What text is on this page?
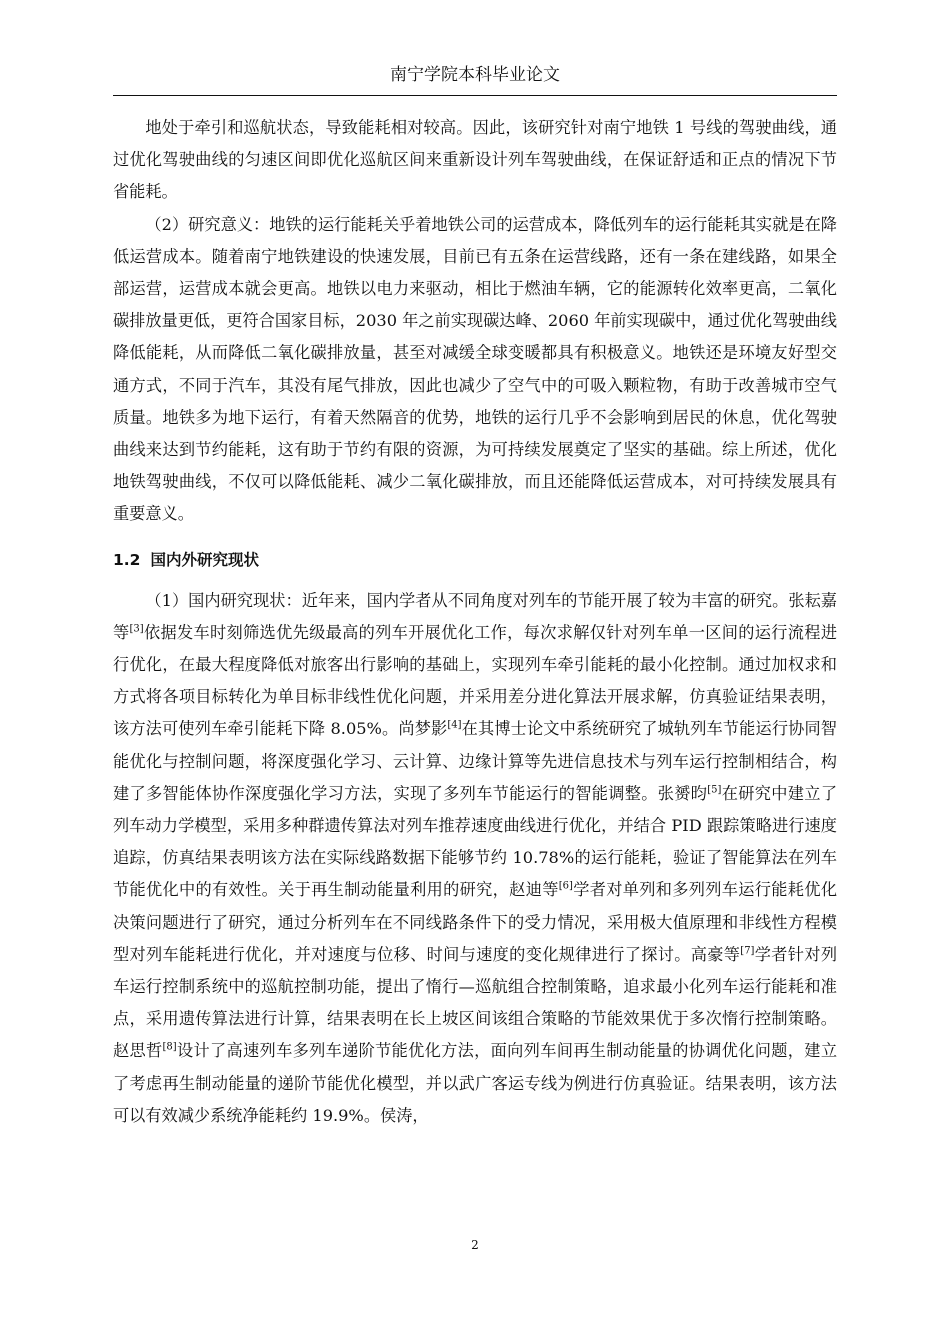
南宁学院本科毕业论文

地处于牵引和巡航状态，导致能耗相对较高。因此，该研究针对南宁地铁 1 号线的驾驶曲线，通过优化驾驶曲线的匀速区间即优化巡航区间来重新设计列车驾驶曲线，在保证舒适和正点的情况下节省能耗。

（2）研究意义：地铁的运行能耗关乎着地铁公司的运营成本，降低列车的运行能耗其实就是在降低运营成本。随着南宁地铁建设的快速发展，目前已有五条在运营线路，还有一条在建线路，如果全部运营，运营成本就会更高。地铁以电力来驱动，相比于燃油车辆，它的能源转化效率更高，二氧化碳排放量更低，更符合国家目标，2030 年之前实现碳达峰、2060 年前实现碳中，通过优化驾驶曲线降低能耗，从而降低二氧化碳排放量，甚至对减缓全球变暖都具有积极意义。地铁还是环境友好型交通方式，不同于汽车，其没有尾气排放，因此也减少了空气中的可吸入颗粒物，有助于改善城市空气质量。地铁多为地下运行，有着天然隔音的优势，地铁的运行几乎不会影响到居民的休息，优化驾驶曲线来达到节约能耗，这有助于节约有限的资源，为可持续发展奠定了坚实的基础。综上所述，优化地铁驾驶曲线，不仅可以降低能耗、减少二氧化碳排放，而且还能降低运营成本，对可持续发展具有重要意义。

1.2 国内外研究现状

（1）国内研究现状：近年来，国内学者从不同角度对列车的节能开展了较为丰富的研究。张耘嘉等[3]依据发车时刻筛选优先级最高的列车开展优化工作，每次求解仅针对列车单一区间的运行流程进行优化，在最大程度降低对旅客出行影响的基础上，实现列车牵引能耗的最小化控制。通过加权求和方式将各项目标转化为单目标非线性优化问题，并采用差分进化算法开展求解，仿真验证结果表明，该方法可使列车牵引能耗下降 8.05%。尚梦影[4]在其博士论文中系统研究了城轨列车节能运行协同智能优化与控制问题，将深度强化学习、云计算、边缘计算等先进信息技术与列车运行控制相结合，构建了多智能体协作深度强化学习方法，实现了多列车节能运行的智能调整。张赟昀[5]在研究中建立了列车动力学模型，采用多种群遗传算法对列车推荐速度曲线进行优化，并结合 PID 跟踪策略进行速度追踪，仿真结果表明该方法在实际线路数据下能够节约 10.78%的运行能耗，验证了智能算法在列车节能优化中的有效性。关于再生制动能量利用的研究，赵迪等[6]学者对单列和多列列车运行能耗优化决策问题进行了研究，通过分析列车在不同线路条件下的受力情况，采用极大值原理和非线性方程模型对列车能耗进行优化，并对速度与位移、时间与速度的变化规律进行了探讨。高豪等[7]学者针对列车运行控制系统中的巡航控制功能，提出了惰行—巡航组合控制策略，追求最小化列车运行能耗和准点，采用遗传算法进行计算，结果表明在长上坡区间该组合策略的节能效果优于多次惰行控制策略。赵思哲[8]设计了高速列车多列车递阶节能优化方法，面向列车间再生制动能量的协调优化问题，建立了考虑再生制动能量的递阶节能优化模型，并以武广客运专线为例进行仿真验证。结果表明，该方法可以有效减少系统净能耗约 19.9%。侯涛，

2
